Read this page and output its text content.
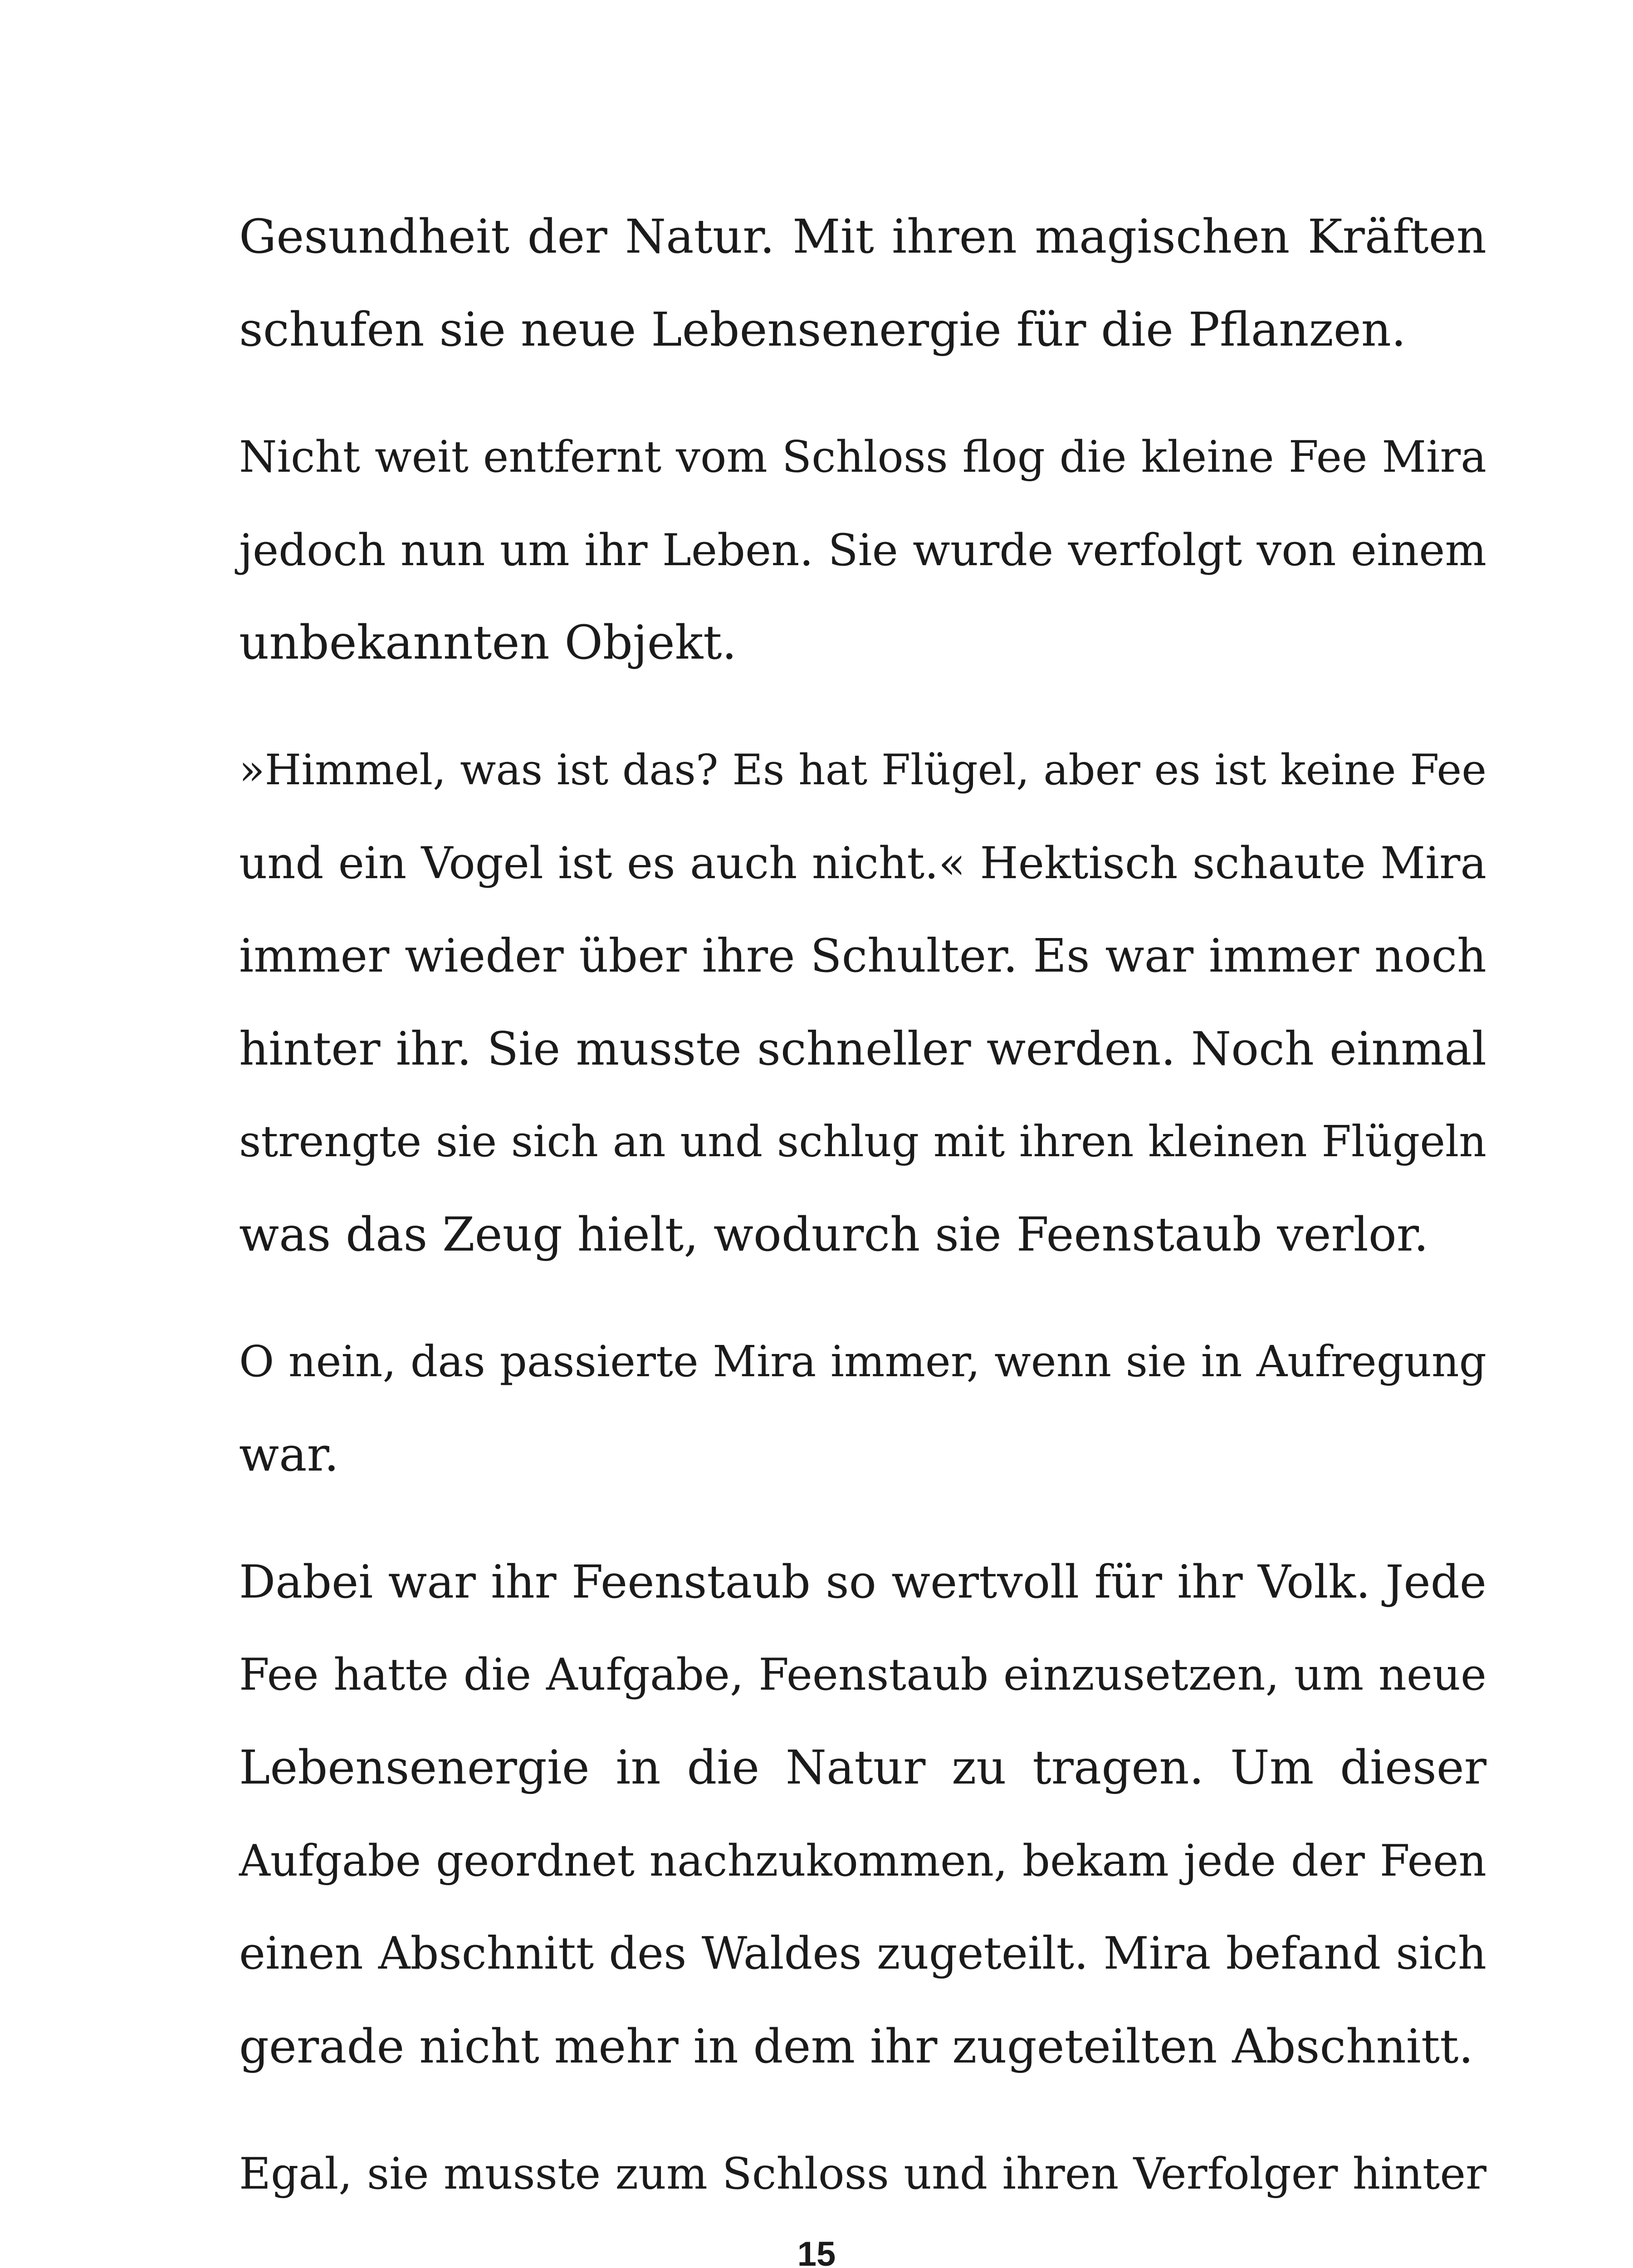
Gesundheit der Natur. Mit ihren magischen Kräften
schufen sie neue Lebensenergie für die Pflanzen.
Nicht weit entfernt vom Schloss flog die kleine Fee Mira
jedoch nun um ihr Leben. Sie wurde verfolgt von einem
unbekannten Objekt.
»Himmel, was ist das? Es hat Flügel, aber es ist keine Fee
und ein Vogel ist es auch nicht.« Hektisch schaute Mira
immer wieder über ihre Schulter. Es war immer noch
hinter ihr. Sie musste schneller werden. Noch einmal
strengte sie sich an und schlug mit ihren kleinen Flügeln
was das Zeug hielt, wodurch sie Feenstaub verlor.
O nein, das passierte Mira immer, wenn sie in Aufregung
war.
Dabei war ihr Feenstaub so wertvoll für ihr Volk. Jede
Fee hatte die Aufgabe, Feenstaub einzusetzen, um neue
Lebensenergie in die Natur zu tragen. Um dieser
Aufgabe geordnet nachzukommen, bekam jede der Feen
einen Abschnitt des Waldes zugeteilt. Mira befand sich
gerade nicht mehr in dem ihr zugeteilten Abschnitt.
Egal, sie musste zum Schloss und ihren Verfolger hinter
15
